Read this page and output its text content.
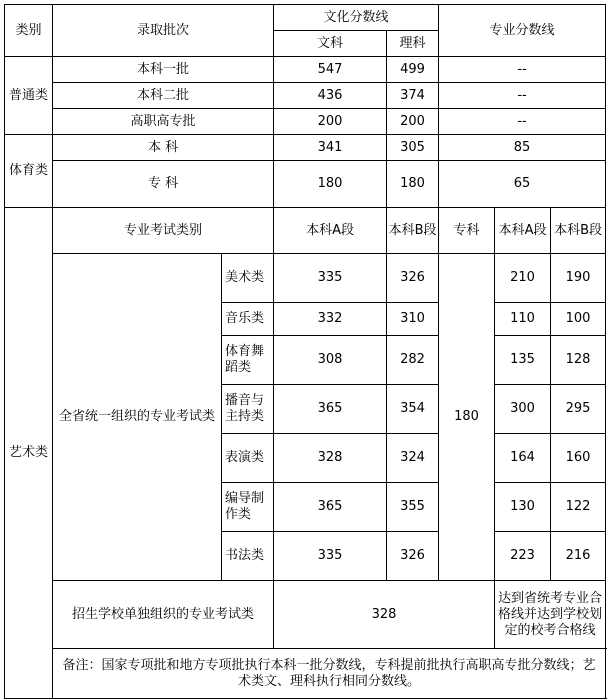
类别	录取批次		文化分数线		专业分数线			
			文科	理科				
普通类	本科一批		547	499	--			
	本科二批		436	374	--			
	高职高专批		200	200	--			
体育类	本 科		341	305	85			
	专 科		180	180	65			
艺术类	专业考试类别		本科A段	本科B段	专科	本科A段	本科B段	
	全省统一组织的专业考试类	美术类	335	326	180	210	190	
		音乐类	332	310		110	100	
		体育舞蹈类	308	282		135	128	
		播音与主持类	365	354		300	295	
		表演类	328	324		164	160	
		编导制作类	365	355		130	122	
		书法类	335	326		223	216	
	招生学校单独组织的专业考试类		328			达到省统考专业合格线并达到学校划定的校考合格线		
	备注：国家专项批和地方专项批执行本科一批分数线，专科提前批执行高职高专批分数线；艺术类文、理科执行相同分数线。							
